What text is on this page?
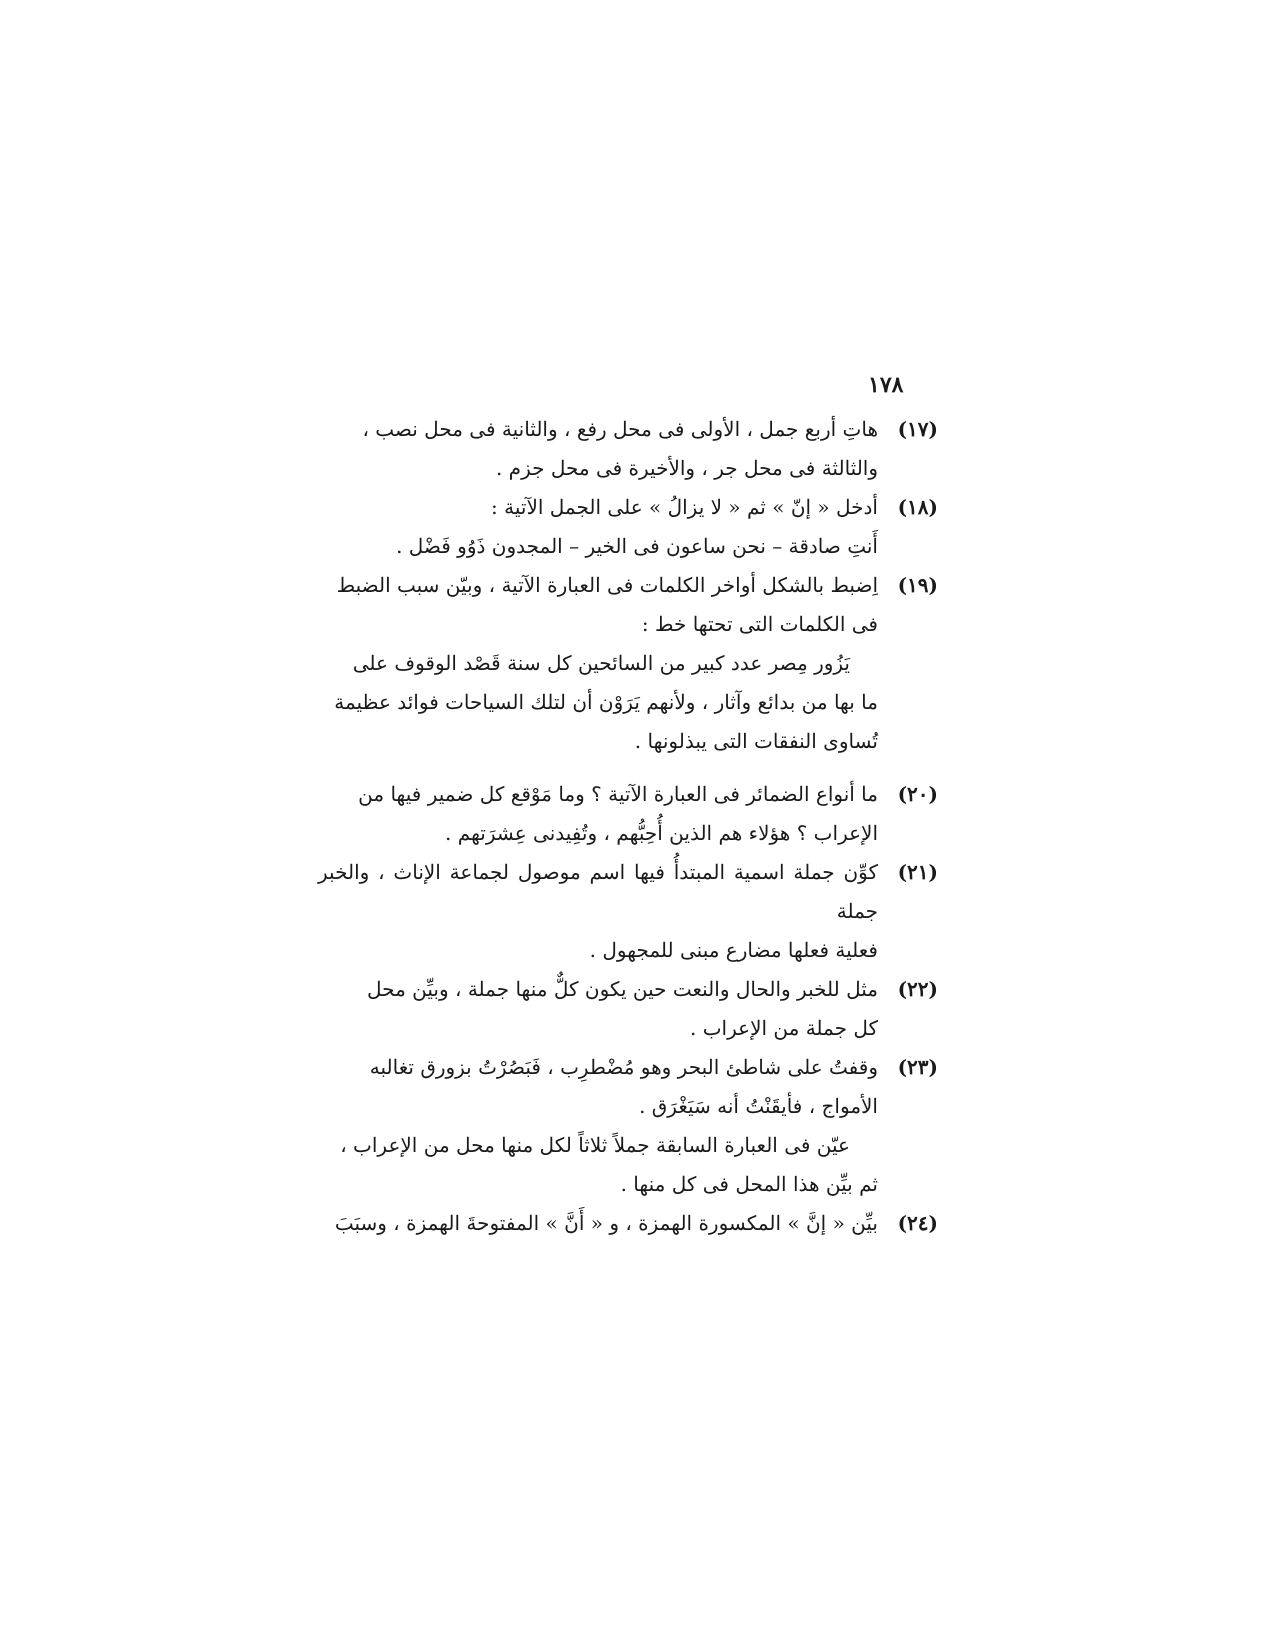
١٧٨
(١٧)
هاتِ أربع جمل ، الأولى فى محل رفع ، والثانية فى محل نصب ،
والثالثة فى محل جر ، والأخيرة فى محل جزم .
(١٨)
أدخل « إنّ » ثم « لا يزالُ » على الجمل الآتية :
أَنتِ صادقة – نحن ساعون فى الخير – المجدون ذَوُو فَضْل .
(١٩)
اِضبط بالشكل أواخر الكلمات فى العبارة الآتية ، وبيّن سبب الضبط
فى الكلمات التى تحتها خط :
يَزُور مِصر عدد كبير من السائحين كل سنة قَصْد الوقوف على
ما بها من بدائع وآثار ، ولأنهم يَرَوْن أن لتلك السياحات فوائد عظيمة
تُساوى النفقات التى يبذلونها .
(٢٠)
ما أنواع الضمائر فى العبارة الآتية ؟ وما مَوْقع كل ضمير فيها من
الإعراب ؟ هؤلاء هم الذين أُحِبُّهم ، وتُفِيدنى عِشرَتهم .
(٢١)
كوِّن جملة اسمية المبتدأُ فيها اسم موصول لجماعة الإناث ، والخبر جملة
فعلية فعلها مضارع مبنى للمجهول .
(٢٢)
مثل للخبر والحال والنعت حين يكون كلٌّ منها جملة ، وبيِّن محل
كل جملة من الإعراب .
(٢٣)
وقفتُ على شاطئ البحر وهو مُضْطرِب ، فَبَصُرْتُ بزورق تغالبه
الأمواج ، فأيقَنْتُ أنه سَيَغْرَق .
عيّن فى العبارة السابقة جملاً ثلاثاً لكل منها محل من الإعراب ،
ثم بيِّن هذا المحل فى كل منها .
(٢٤)
بيِّن « إنَّ » المكسورة الهمزة ، و « أَنَّ » المفتوحةَ الهمزة ، وسبَبَ
